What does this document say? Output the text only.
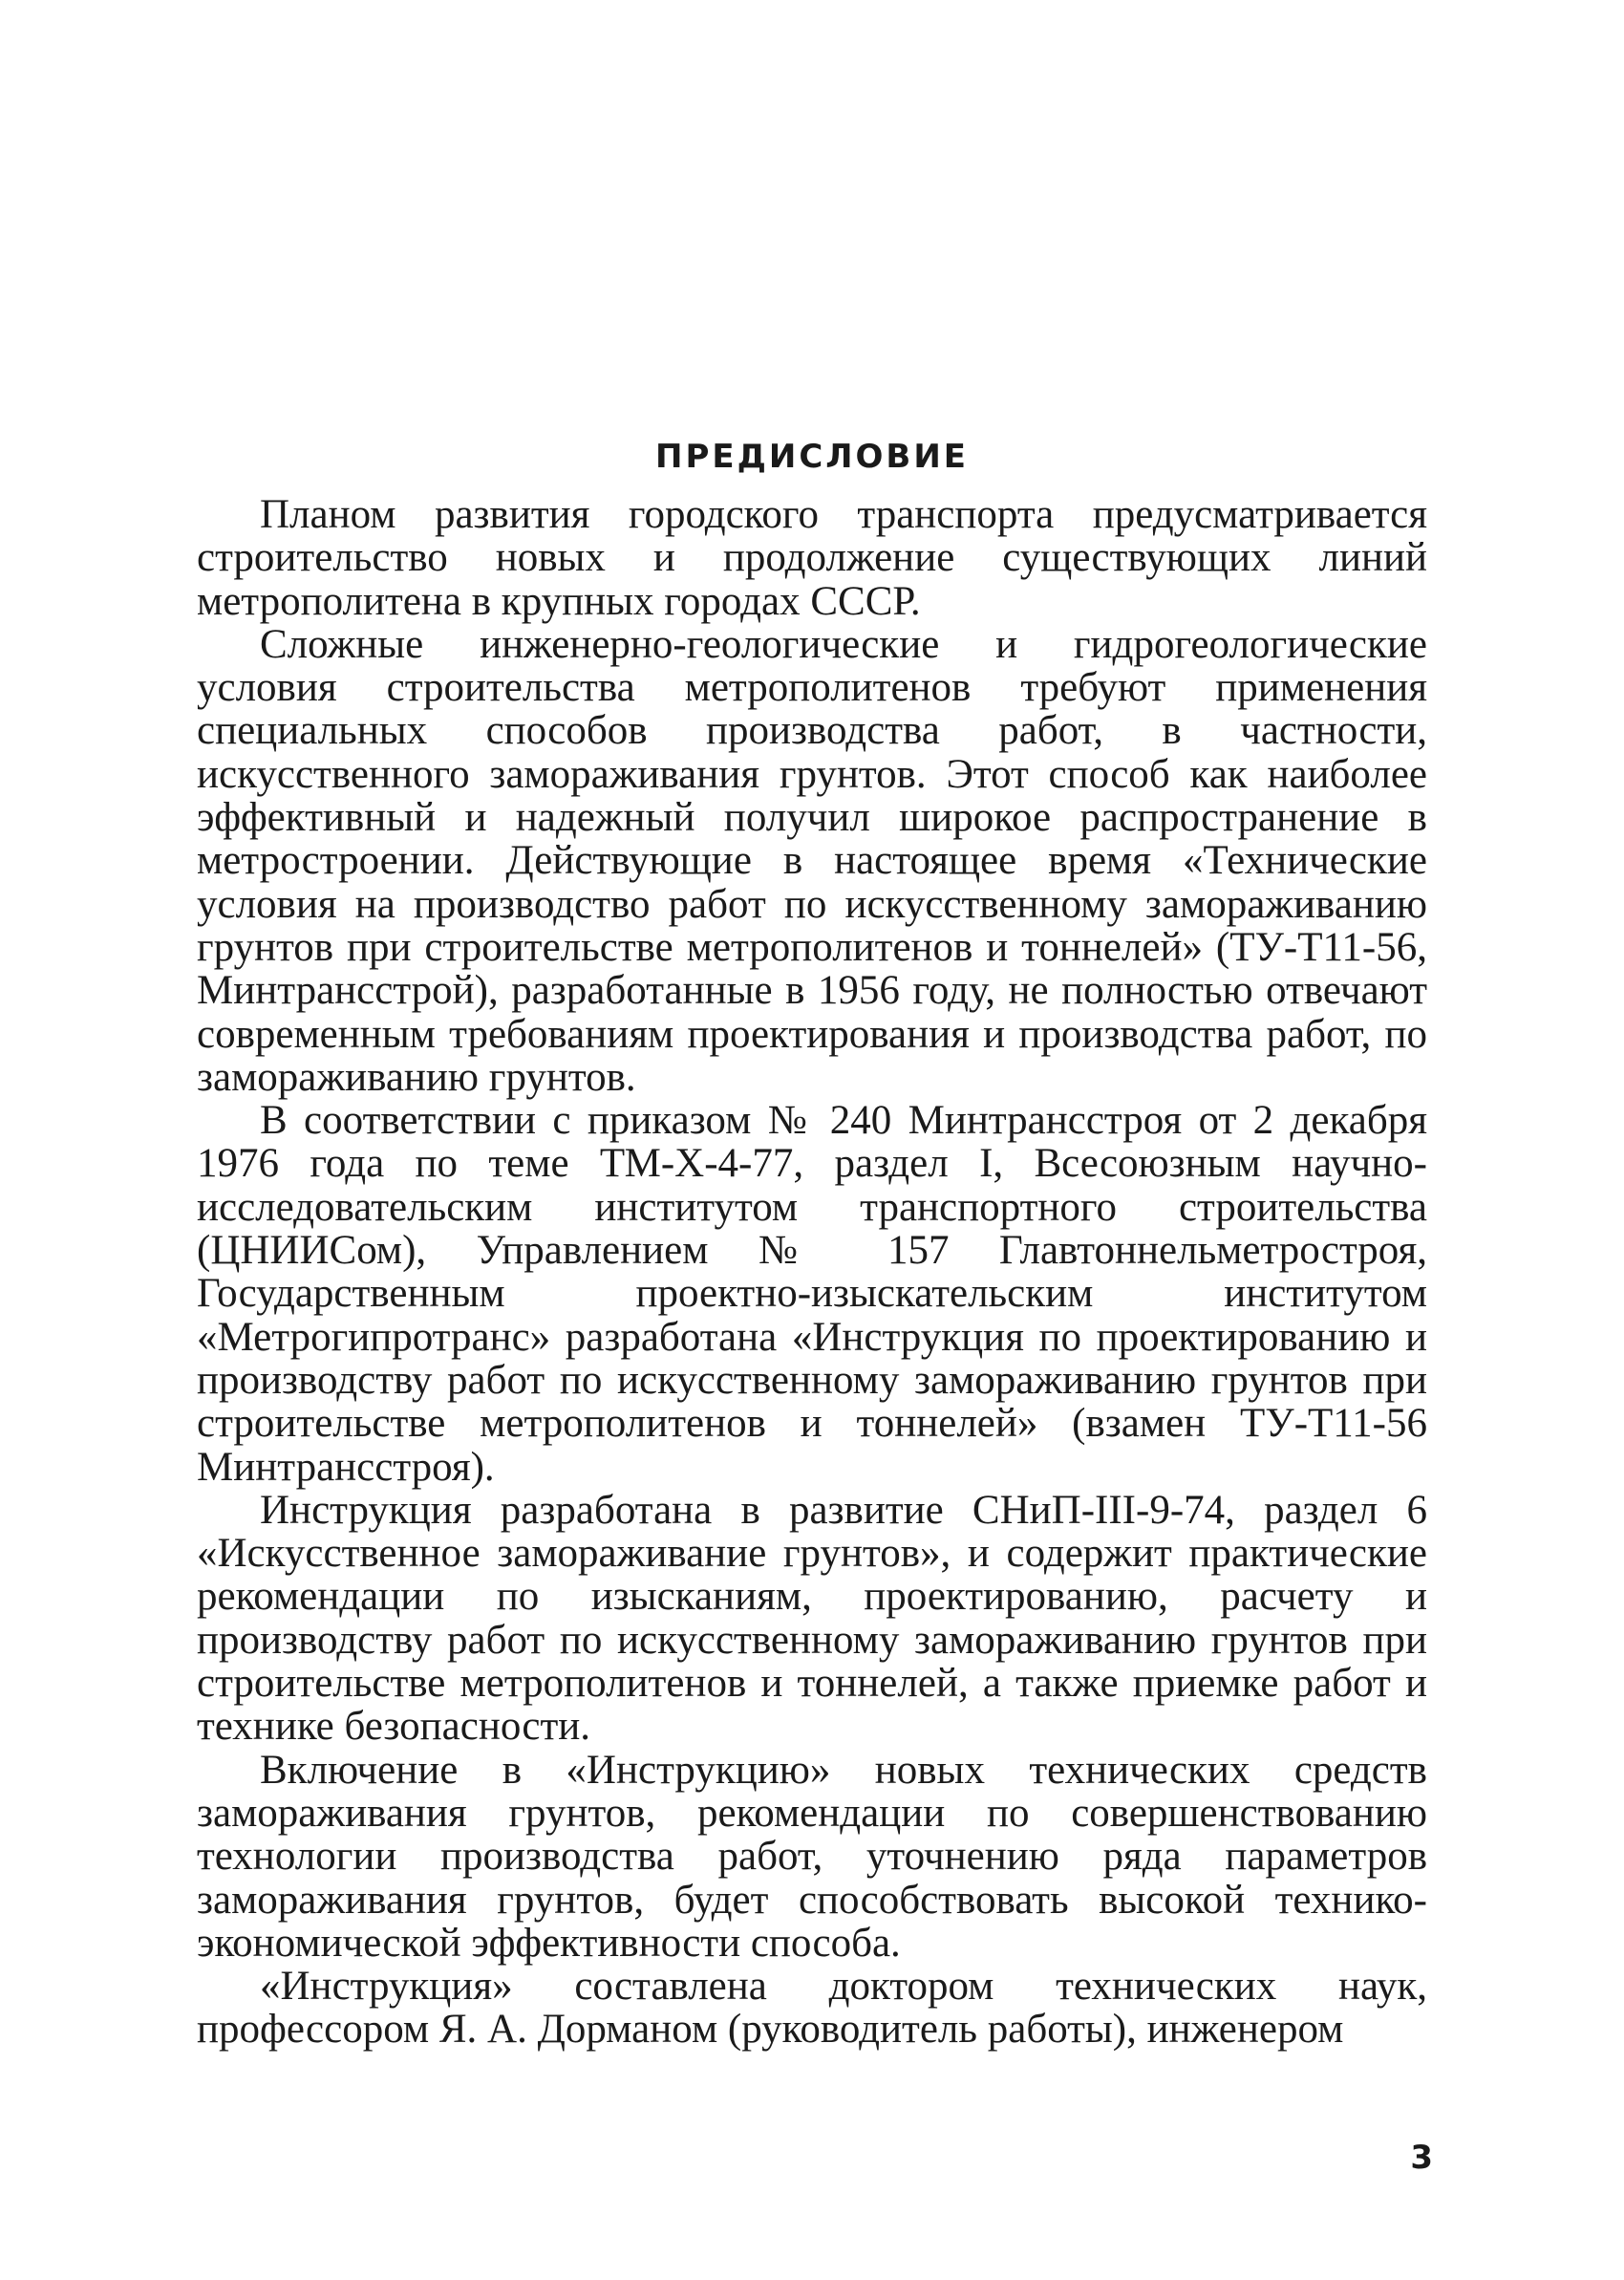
ПРЕДИСЛОВИЕ

Планом развития городского транспорта предусматривается строительство новых и продолжение существующих линий метрополитена в крупных городах СССР.

Сложные инженерно-геологические и гидрогеологические условия строительства метрополитенов требуют применения специальных способов производства работ, в частности, искусственного замораживания грунтов. Этот способ как наиболее эффективный и надежный получил широкое распространение в метростроении. Действующие в настоящее время «Технические условия на производство работ по искусственному замораживанию грунтов при строительстве метрополитенов и тоннелей» (ТУ-Т11-56, Минтрансстрой), разработанные в 1956 году, не полностью отвечают современным требованиям проектирования и производства работ, по замораживанию грунтов.

В соответствии с приказом № 240 Минтрансстроя от 2 декабря 1976 года по теме ТМ-Х-4-77, раздел I, Всесоюзным научно-исследовательским институтом транспортного строительства (ЦНИИСом), Управлением № 157 Главтоннельметростроя, Государственным проектно-изыскательским институтом «Метрогипротранс» разработана «Инструкция по проектированию и производству работ по искусственному замораживанию грунтов при строительстве метрополитенов и тоннелей» (взамен ТУ-Т11-56 Минтрансстроя).

Инструкция разработана в развитие СНиП-III-9-74, раздел 6 «Искусственное замораживание грунтов», и содержит практические рекомендации по изысканиям, проектированию, расчету и производству работ по искусственному замораживанию грунтов при строительстве метрополитенов и тоннелей, а также приемке работ и технике безопасности.

Включение в «Инструкцию» новых технических средств замораживания грунтов, рекомендации по совершенствованию технологии производства работ, уточнению ряда параметров замораживания грунтов, будет способствовать высокой технико-экономической эффективности способа.

«Инструкция» составлена доктором технических наук, профессором Я. А. Дорманом (руководитель работы), инженером

3
